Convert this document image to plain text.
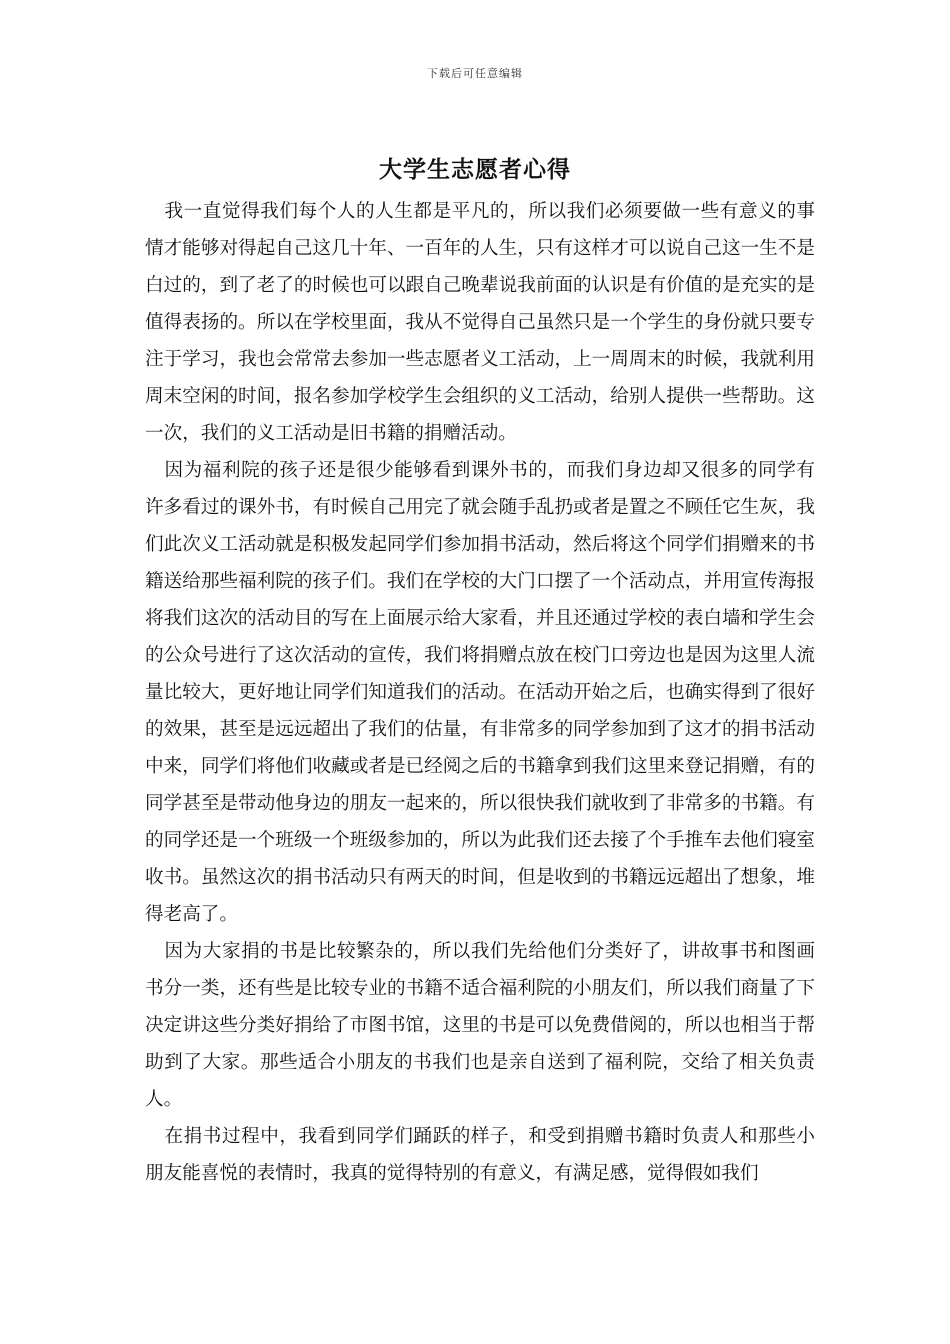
下载后可任意编辑
大学生志愿者心得

我一直觉得我们每个人的人生都是平凡的，所以我们必须要做一些有意义的事情才能够对得起自己这几十年、一百年的人生，只有这样才可以说自己这一生不是白过的，到了老了的时候也可以跟自己晚辈说我前面的认识是有价值的是充实的是值得表扬的。所以在学校里面，我从不觉得自己虽然只是一个学生的身份就只要专注于学习，我也会常常去参加一些志愿者义工活动，上一周周末的时候，我就利用周末空闲的时间，报名参加学校学生会组织的义工活动，给别人提供一些帮助。这一次，我们的义工活动是旧书籍的捐赠活动。

因为福利院的孩子还是很少能够看到课外书的，而我们身边却又很多的同学有许多看过的课外书，有时候自己用完了就会随手乱扔或者是置之不顾任它生灰，我们此次义工活动就是积极发起同学们参加捐书活动，然后将这个同学们捐赠来的书籍送给那些福利院的孩子们。我们在学校的大门口摆了一个活动点，并用宣传海报将我们这次的活动目的写在上面展示给大家看，并且还通过学校的表白墙和学生会的公众号进行了这次活动的宣传，我们将捐赠点放在校门口旁边也是因为这里人流量比较大，更好地让同学们知道我们的活动。在活动开始之后，也确实得到了很好的效果，甚至是远远超出了我们的估量，有非常多的同学参加到了这才的捐书活动中来，同学们将他们收藏或者是已经阅之后的书籍拿到我们这里来登记捐赠，有的同学甚至是带动他身边的朋友一起来的，所以很快我们就收到了非常多的书籍。有的同学还是一个班级一个班级参加的，所以为此我们还去接了个手推车去他们寝室收书。虽然这次的捐书活动只有两天的时间，但是收到的书籍远远超出了想象，堆得老高了。

因为大家捐的书是比较繁杂的，所以我们先给他们分类好了，讲故事书和图画书分一类，还有些是比较专业的书籍不适合福利院的小朋友们，所以我们商量了下决定讲这些分类好捐给了市图书馆，这里的书是可以免费借阅的，所以也相当于帮助到了大家。那些适合小朋友的书我们也是亲自送到了福利院，交给了相关负责人。

在捐书过程中，我看到同学们踊跃的样子，和受到捐赠书籍时负责人和那些小朋友能喜悦的表情时，我真的觉得特别的有意义，有满足感，觉得假如我们
